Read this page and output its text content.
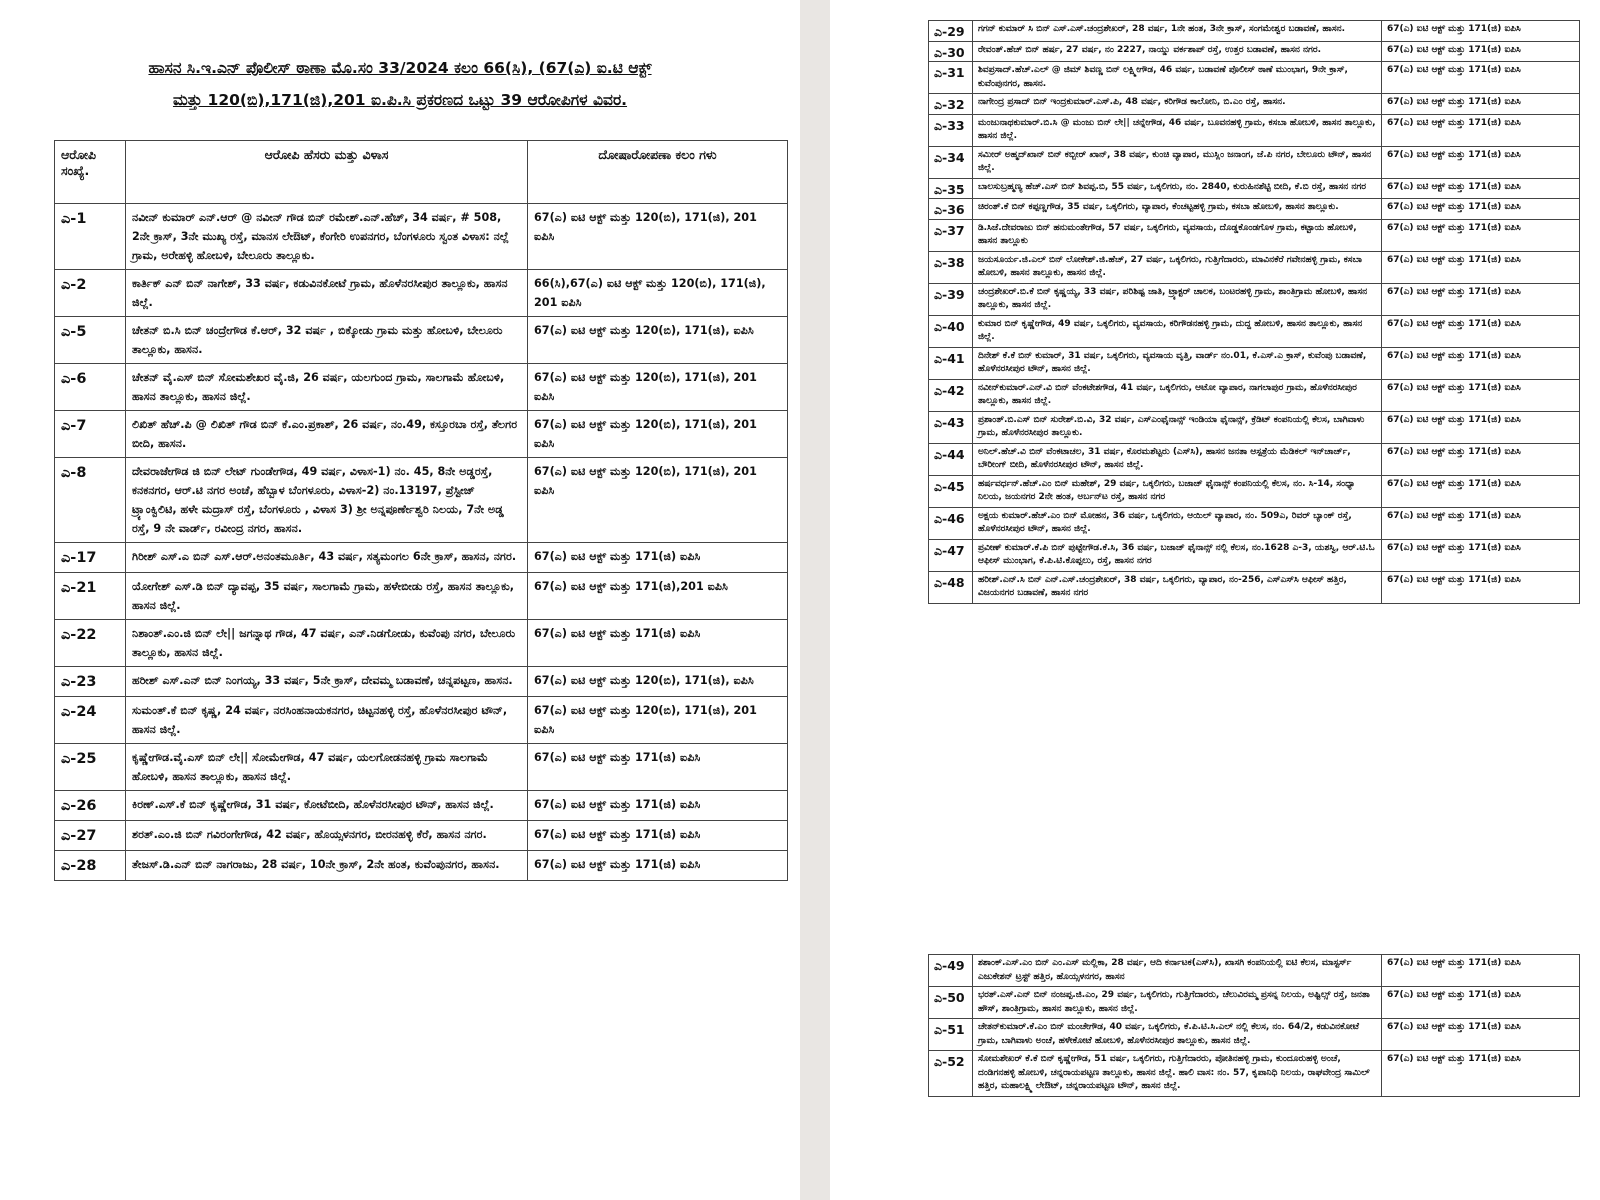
ಹಾಸನ ಸಿ.ಇ.ಎನ್ ಪೊಲೀಸ್ ಠಾಣಾ ಮೊ.ಸಂ 33/2024 ಕಲಂ 66(ಸಿ), (67(ಎ) ಐ.ಟಿ ಆಕ್ಟ್
ಮತ್ತು 120(ಬಿ),171(ಜಿ),201 ಐ.ಪಿ.ಸಿ ಪ್ರಕರಣದ ಒಟ್ಟು 39 ಆರೋಪಿಗಳ ವಿವರ.
ಆರೋಪಿ ಸಂಖ್ಯೆ.	ಆರೋಪಿ ಹೆಸರು ಮತ್ತು ವಿಳಾಸ	ದೋಷಾರೋಪಣಾ ಕಲಂ ಗಳು
ಎ-1	ನವೀನ್ ಕುಮಾರ್ ಎನ್.ಆರ್ @ ನವೀನ್ ಗೌಡ ಬಿನ್ ರಮೇಶ್.ಎನ್.ಹೆಚ್, 34 ವರ್ಷ, # 508, 2ನೇ ಕ್ರಾಸ್, 3ನೇ ಮುಖ್ಯ ರಸ್ತೆ, ಮಾನಸ ಲೇಔಟ್, ಕೆಂಗೇರಿ ಉಪನಗರ, ಬೆಂಗಳೂರು ಸ್ವಂತ ವಿಳಾಸ: ನಲ್ಲೆ ಗ್ರಾಮ, ಅರೇಹಳ್ಳಿ ಹೋಬಳಿ, ಬೇಲೂರು ತಾಲ್ಲೂಕು.	67(ಎ) ಐಟಿ ಆಕ್ಟ್ ಮತ್ತು 120(ಬಿ), 171(ಜಿ), 201 ಐಪಿಸಿ
ಎ-2	ಕಾರ್ತಿಕ್ ಎನ್ ಬಿನ್ ನಾಗೇಶ್, 33 ವರ್ಷ, ಕಡುವಿನಕೋಟೆ ಗ್ರಾಮ, ಹೊಳೆನರಸೀಪುರ ತಾಲ್ಲೂಕು, ಹಾಸನ ಜಿಲ್ಲೆ.	66(ಸಿ),67(ಎ) ಐಟಿ ಆಕ್ಟ್ ಮತ್ತು 120(ಬಿ), 171(ಜಿ), 201 ಐಪಿಸಿ
ಎ-5	ಚೇತನ್ ಬಿ.ಸಿ ಬಿನ್ ಚಂದ್ರೇಗೌಡ ಕೆ.ಆರ್, 32 ವರ್ಷ , ಬಿಕ್ಕೋಡು ಗ್ರಾಮ ಮತ್ತು ಹೋಬಳಿ, ಬೇಲೂರು ತಾಲ್ಲೂಕು, ಹಾಸನ.	67(ಎ) ಐಟಿ ಆಕ್ಟ್ ಮತ್ತು 120(ಬಿ), 171(ಜಿ), ಐಪಿಸಿ
ಎ-6	ಚೇತನ್ ವೈ.ಎಸ್ ಬಿನ್ ಸೋಮಶೇಖರ ವೈ.ಜಿ, 26 ವರ್ಷ, ಯಲಗುಂದ ಗ್ರಾಮ, ಸಾಲಗಾಮೆ ಹೋಬಳಿ, ಹಾಸನ ತಾಲ್ಲೂಕು, ಹಾಸನ ಜಿಲ್ಲೆ.	67(ಎ) ಐಟಿ ಆಕ್ಟ್ ಮತ್ತು 120(ಬಿ), 171(ಜಿ), 201 ಐಪಿಸಿ
ಎ-7	ಲಿಖಿತ್ ಹೆಚ್.ಪಿ @ ಲಿಖಿತ್ ಗೌಡ ಬಿನ್ ಕೆ.ಎಂ.ಪ್ರಕಾಶ್, 26 ವರ್ಷ, ನಂ.49, ಕಸ್ತೂರಬಾ ರಸ್ತೆ, ತೆಲಗರ ಬೀದಿ, ಹಾಸನ.	67(ಎ) ಐಟಿ ಆಕ್ಟ್ ಮತ್ತು 120(ಬಿ), 171(ಜಿ), 201 ಐಪಿಸಿ
ಎ-8	ದೇವರಾಜೇಗೌಡ ಜಿ ಬಿನ್ ಲೇಟ್ ಗುಂಡೇಗೌಡ, 49 ವರ್ಷ, ವಿಳಾಸ-1) ನಂ. 45, 8ನೇ ಅಡ್ಡರಸ್ತೆ, ಕನಕನಗರ, ಆರ್.ಟಿ ನಗರ ಅಂಚೆ, ಹೆಬ್ಬಾಳ ಬೆಂಗಳೂರು, ವಿಳಾಸ-2) ನಂ.13197, ಪ್ರೆಸ್ಟೀಜ್ ಟ್ರ್ಯಾಂಕ್ವಿಲಿಟಿ, ಹಳೇ ಮದ್ರಾಸ್ ರಸ್ತೆ, ಬೆಂಗಳೂರು , ವಿಳಾಸ 3) ಶ್ರೀ ಅನ್ನಪೂರ್ಣೇಶ್ವರಿ ನಿಲಯ, 7ನೇ ಅಡ್ಡ ರಸ್ತೆ, 9 ನೇ ವಾರ್ಡ್, ರವೀಂದ್ರ ನಗರ, ಹಾಸನ.	67(ಎ) ಐಟಿ ಆಕ್ಟ್ ಮತ್ತು 120(ಬಿ), 171(ಜಿ), 201 ಐಪಿಸಿ
ಎ-17	ಗಿರೀಶ್ ಎಸ್.ಎ ಬಿನ್ ಎಸ್.ಆರ್.ಅನಂತಮೂರ್ತಿ, 43 ವರ್ಷ, ಸತ್ಯಮಂಗಲ 6ನೇ ಕ್ರಾಸ್, ಹಾಸನ, ನಗರ.	67(ಎ) ಐಟಿ ಆಕ್ಟ್ ಮತ್ತು 171(ಜಿ) ಐಪಿಸಿ
ಎ-21	ಯೋಗೇಶ್ ಎಸ್.ಡಿ ಬಿನ್ ದ್ಯಾವಪ್ಪ, 35 ವರ್ಷ, ಸಾಲಗಾಮೆ ಗ್ರಾಮ, ಹಳೇಬೀಡು ರಸ್ತೆ, ಹಾಸನ ತಾಲ್ಲೂಕು, ಹಾಸನ ಜಿಲ್ಲೆ.	67(ಎ) ಐಟಿ ಆಕ್ಟ್ ಮತ್ತು 171(ಜಿ),201 ಐಪಿಸಿ
ಎ-22	ನಿಶಾಂತ್.ಎಂ.ಜಿ ಬಿನ್ ಲೇ|| ಜಗನ್ನಾಥ ಗೌಡ, 47 ವರ್ಷ, ಎನ್.ನಿಡಗೋಡು, ಕುವೆಂಪು ನಗರ, ಬೇಲೂರು ತಾಲ್ಲೂಕು, ಹಾಸನ ಜಿಲ್ಲೆ.	67(ಎ) ಐಟಿ ಆಕ್ಟ್ ಮತ್ತು 171(ಜಿ) ಐಪಿಸಿ
ಎ-23	ಹರೀಶ್ ಎಸ್.ಎನ್ ಬಿನ್ ನಿಂಗಯ್ಯ, 33 ವರ್ಷ, 5ನೇ ಕ್ರಾಸ್, ದೇವಮ್ಮ ಬಡಾವಣೆ, ಚನ್ನಪಟ್ಟಣ, ಹಾಸನ.	67(ಎ) ಐಟಿ ಆಕ್ಟ್ ಮತ್ತು 120(ಬಿ), 171(ಜಿ), ಐಪಿಸಿ
ಎ-24	ಸುಮಂತ್.ಕೆ ಬಿನ್ ಕೃಷ್ಣ, 24 ವರ್ಷ, ನರಸಿಂಹನಾಯಕನಗರ, ಚಿಟ್ಟನಹಳ್ಳಿ ರಸ್ತೆ, ಹೊಳೆನರಸೀಪುರ ಟೌನ್, ಹಾಸನ ಜಿಲ್ಲೆ.	67(ಎ) ಐಟಿ ಆಕ್ಟ್ ಮತ್ತು 120(ಬಿ), 171(ಜಿ), 201 ಐಪಿಸಿ
ಎ-25	ಕೃಷ್ಣೇಗೌಡ.ವೈ.ಎಸ್ ಬಿನ್ ಲೇ|| ಸೋಮೇಗೌಡ, 47 ವರ್ಷ, ಯಲಗೋಡನಹಳ್ಳಿ ಗ್ರಾಮ ಸಾಲಗಾಮೆ ಹೋಬಳಿ, ಹಾಸನ ತಾಲ್ಲೂಕು, ಹಾಸನ ಜಿಲ್ಲೆ.	67(ಎ) ಐಟಿ ಆಕ್ಟ್ ಮತ್ತು 171(ಜಿ) ಐಪಿಸಿ
ಎ-26	ಕಿರಣ್.ಎಸ್.ಕೆ ಬಿನ್ ಕೃಷ್ಣೇಗೌಡ, 31 ವರ್ಷ, ಕೋಟೆಬೀದಿ, ಹೊಳೆನರಸೀಪುರ ಟೌನ್, ಹಾಸನ ಜಿಲ್ಲೆ.	67(ಎ) ಐಟಿ ಆಕ್ಟ್ ಮತ್ತು 171(ಜಿ) ಐಪಿಸಿ
ಎ-27	ಶರತ್.ಎಂ.ಜಿ ಬಿನ್ ಗವಿರಂಗೇಗೌಡ, 42 ವರ್ಷ, ಹೊಯ್ಸಳನಗರ, ಬೀರನಹಳ್ಳಿ ಕೆರೆ, ಹಾಸನ ನಗರ.	67(ಎ) ಐಟಿ ಆಕ್ಟ್ ಮತ್ತು 171(ಜಿ) ಐಪಿಸಿ
ಎ-28	ತೇಜಸ್.ಡಿ.ಎನ್ ಬಿನ್ ನಾಗರಾಜು, 28 ವರ್ಷ, 10ನೇ ಕ್ರಾಸ್, 2ನೇ ಹಂತ, ಕುವೆಂಪುನಗರ, ಹಾಸನ.	67(ಎ) ಐಟಿ ಆಕ್ಟ್ ಮತ್ತು 171(ಜಿ) ಐಪಿಸಿ
ಎ-29	ಗಗನ್ ಕುಮಾರ್ ಸಿ ಬಿನ್ ಎಸ್.ಎಸ್.ಚಂದ್ರಶೇಖರ್, 28 ವರ್ಷ, 1ನೇ ಹಂತ, 3ನೇ ಕ್ರಾಸ್, ಸಂಗಮೇಶ್ವರ ಬಡಾವಣೆ, ಹಾಸನ.	67(ಎ) ಐಟಿ ಆಕ್ಟ್ ಮತ್ತು 171(ಜಿ) ಐಪಿಸಿ
ಎ-30	ರೇವಂತ್.ಹೆಚ್ ಬಿನ್ ಹರ್ಷ, 27 ವರ್ಷ, ನಂ 2227, ನಾಯ್ಡು ವರ್ಕಶಾಪ್ ರಸ್ತೆ, ಉತ್ತರ ಬಡಾವಣೆ, ಹಾಸನ ನಗರ.	67(ಎ) ಐಟಿ ಆಕ್ಟ್ ಮತ್ತು 171(ಜಿ) ಐಪಿಸಿ
ಎ-31	ಶಿವಪ್ರಸಾದ್.ಹೆಚ್.ಎಲ್ @ ಜಿಮ್ ಶಿವಣ್ಣ ಬಿನ್ ಲಕ್ಷ್ಮೀಗೌಡ, 46 ವರ್ಷ, ಬಡಾವಣೆ ಪೊಲೀಸ್ ಠಾಣೆ ಮುಂಭಾಗ, 9ನೇ ಕ್ರಾಸ್, ಕುವೆಂಪುನಗರ, ಹಾಸನ.	67(ಎ) ಐಟಿ ಆಕ್ಟ್ ಮತ್ತು 171(ಜಿ) ಐಪಿಸಿ
ಎ-32	ನಾಗೇಂದ್ರ ಪ್ರಸಾದ್ ಬಿನ್ ಇಂದ್ರಕುಮಾರ್.ಎಸ್.ಪಿ, 48 ವರ್ಷ, ಕರಿಗೌಡ ಕಾಲೋನಿ, ಬಿ.ಎಂ ರಸ್ತೆ, ಹಾಸನ.	67(ಎ) ಐಟಿ ಆಕ್ಟ್ ಮತ್ತು 171(ಜಿ) ಐಪಿಸಿ
ಎ-33	ಮಂಜುನಾಥಕುಮಾರ್.ಬಿ.ಸಿ @ ಮಂಜು ಬಿನ್ ಲೇ|| ಚನ್ನೇಗೌಡ, 46 ವರ್ಷ, ಬೂವನಹಳ್ಳಿ ಗ್ರಾಮ, ಕಸಬಾ ಹೋಬಳಿ, ಹಾಸನ ತಾಲ್ಲೂಕು, ಹಾಸನ ಜಿಲ್ಲೆ.	67(ಎ) ಐಟಿ ಆಕ್ಟ್ ಮತ್ತು 171(ಜಿ) ಐಪಿಸಿ
ಎ-34	ಸಮೀರ್ ಅಹ್ಮದ್‌ಖಾನ್ ಬಿನ್ ಕಬ್ಬೀರ್ ಖಾನ್, 38 ವರ್ಷ, ಕುಂಚಿ ವ್ಯಾಪಾರ, ಮುಸ್ಲಿಂ ಜನಾಂಗ, ಜೆ.ಪಿ ನಗರ, ಬೇಲೂರು ಟೌನ್, ಹಾಸನ ಜಿಲ್ಲೆ.	67(ಎ) ಐಟಿ ಆಕ್ಟ್ ಮತ್ತು 171(ಜಿ) ಐಪಿಸಿ
ಎ-35	ಬಾಲಸುಬ್ರಹ್ಮಣ್ಯ ಹೆಚ್.ಎಸ್ ಬಿನ್ ಶಿವಪ್ಪ.ಬಿ, 55 ವರ್ಷ, ಒಕ್ಕಲಿಗರು, ನಂ. 2840, ಕುರುಹಿನಶೆಟ್ಟಿ ಬೀದಿ, ಕೆ.ಬಿ ರಸ್ತೆ, ಹಾಸನ ನಗರ	67(ಎ) ಐಟಿ ಆಕ್ಟ್ ಮತ್ತು 171(ಜಿ) ಐಪಿಸಿ
ಎ-36	ಚಿರಂತ್.ಕೆ ಬಿನ್ ಕಪ್ಪಣ್ಣಗೌಡ, 35 ವರ್ಷ, ಒಕ್ಕಲಿಗರು, ವ್ಯಾಪಾರ, ಕೆಂಚಟ್ಟಹಳ್ಳಿ ಗ್ರಾಮ, ಕಸಬಾ ಹೋಬಳಿ, ಹಾಸನ ತಾಲ್ಲೂಕು.	67(ಎ) ಐಟಿ ಆಕ್ಟ್ ಮತ್ತು 171(ಜಿ) ಐಪಿಸಿ
ಎ-37	ಡಿ.ಸಿಜೆ.ದೇವರಾಜು ಬಿನ್ ಹನುಮಂತೇಗೌಡ, 57 ವರ್ಷ, ಒಕ್ಕಲಿಗರು, ವ್ಯವಸಾಯ, ದೊಡ್ಡಕೊಂಡಗೊಳ ಗ್ರಾಮ, ಕಟ್ಟಾಯ ಹೋಬಳಿ, ಹಾಸನ ತಾಲ್ಲೂಕು	67(ಎ) ಐಟಿ ಆಕ್ಟ್ ಮತ್ತು 171(ಜಿ) ಐಪಿಸಿ
ಎ-38	ಜಯಸೂರ್ಯ.ಜಿ.ಎಲ್ ಬಿನ್ ಲೋಕೇಶ್.ಜಿ.ಹೆಚ್, 27 ವರ್ಷ, ಒಕ್ಕಲಿಗರು, ಗುತ್ತಿಗೆದಾರರು, ಮಾವಿನಕೆರೆ ಗವೇನಹಳ್ಳಿ ಗ್ರಾಮ, ಕಸಬಾ ಹೋಬಳಿ, ಹಾಸನ ತಾಲ್ಲೂಕು, ಹಾಸನ ಜಿಲ್ಲೆ.	67(ಎ) ಐಟಿ ಆಕ್ಟ್ ಮತ್ತು 171(ಜಿ) ಐಪಿಸಿ
ಎ-39	ಚಂದ್ರಶೇಖರ್.ಬಿ.ಕೆ ಬಿನ್ ಕೃಷ್ಣಯ್ಯ, 33 ವರ್ಷ, ಪರಿಶಿಷ್ಟ ಜಾತಿ, ಟ್ರ್ಯಾಕ್ಟರ್ ಚಾಲಕ, ಬಂಟರಹಳ್ಳಿ ಗ್ರಾಮ, ಶಾಂತಿಗ್ರಾಮ ಹೋಬಳಿ, ಹಾಸನ ತಾಲ್ಲೂಕು, ಹಾಸನ ಜಿಲ್ಲೆ.	67(ಎ) ಐಟಿ ಆಕ್ಟ್ ಮತ್ತು 171(ಜಿ) ಐಪಿಸಿ
ಎ-40	ಕುಮಾರ ಬಿನ್ ಕೃಷ್ಣೇಗೌಡ, 49 ವರ್ಷ, ಒಕ್ಕಲಿಗರು, ವ್ಯವಸಾಯ, ಕರಿಗೌಡನಹಳ್ಳಿ ಗ್ರಾಮ, ದುದ್ದ ಹೋಬಳಿ, ಹಾಸನ ತಾಲ್ಲೂಕು, ಹಾಸನ ಜಿಲ್ಲೆ.	67(ಎ) ಐಟಿ ಆಕ್ಟ್ ಮತ್ತು 171(ಜಿ) ಐಪಿಸಿ
ಎ-41	ದಿನೇಶ್ ಕೆ.ಕೆ ಬಿನ್ ಕುಮಾರ್, 31 ವರ್ಷ, ಒಕ್ಕಲಿಗರು, ವ್ಯವಸಾಯ ವೃತ್ತಿ, ವಾರ್ಡ್ ನಂ.01, ಕೆ.ಎಸ್.ಎ ಕ್ರಾಸ್, ಕುವೆಂಪು ಬಡಾವಣೆ, ಹೊಳೆನರಸೀಪುರ ಟೌನ್, ಹಾಸನ ಜಿಲ್ಲೆ.	67(ಎ) ಐಟಿ ಆಕ್ಟ್ ಮತ್ತು 171(ಜಿ) ಐಪಿಸಿ
ಎ-42	ನವೀನ್‌ಕುಮಾರ್.ಎನ್.ವಿ ಬಿನ್ ವೆಂಕಟೇಶಗೌಡ, 41 ವರ್ಷ, ಒಕ್ಕಲಿಗರು, ಆಟೋ ವ್ಯಾಪಾರ, ನಾಗಲಾಪುರ ಗ್ರಾಮ, ಹೊಳೆನರಸೀಪುರ ತಾಲ್ಲೂಕು, ಹಾಸನ ಜಿಲ್ಲೆ.	67(ಎ) ಐಟಿ ಆಕ್ಟ್ ಮತ್ತು 171(ಜಿ) ಐಪಿಸಿ
ಎ-43	ಪ್ರಶಾಂತ್.ಬಿ.ಎಸ್ ಬಿನ್ ಸುರೇಶ್.ಬಿ.ವಿ, 32 ವರ್ಷ, ಎಸ್‌ಎಂಫೈನಾನ್ಸ್ ಇಂಡಿಯಾ ಫೈನಾನ್ಸ್, ಕ್ರೆಡಿಟ್ ಕಂಪನಿಯಲ್ಲಿ ಕೆಲಸ, ಬಾಗಿವಾಳು ಗ್ರಾಮ, ಹೊಳೆನರಸೀಪುರ ತಾಲ್ಲೂಕು.	67(ಎ) ಐಟಿ ಆಕ್ಟ್ ಮತ್ತು 171(ಜಿ) ಐಪಿಸಿ
ಎ-44	ಅನಿಲ್.ಹೆಚ್.ವಿ ಬಿನ್ ವೆಂಕಟಾಚಲ, 31 ವರ್ಷ, ಕೊರಮಶೆಟ್ಟರು (ಎಸ್‌ಸಿ), ಹಾಸನ ಜನತಾ ಆಸ್ಪತ್ರೆಯ ಮೆಡಿಕಲ್ ಇನ್‌ಚಾರ್ಜ್, ಬೌರೀಂಗ್ ಬೀದಿ, ಹೊಳೆನರಸೀಪುರ ಟೌನ್, ಹಾಸನ ಜಿಲ್ಲೆ.	67(ಎ) ಐಟಿ ಆಕ್ಟ್ ಮತ್ತು 171(ಜಿ) ಐಪಿಸಿ
ಎ-45	ಹರ್ಷವರ್ಧನ್.ಹೆಚ್.ಎಂ ಬಿನ್ ಮಹೇಶ್, 29 ವರ್ಷ, ಒಕ್ಕಲಿಗರು, ಬಜಾಜ್ ಫೈನಾನ್ಸ್ ಕಂಪನಿಯಲ್ಲಿ ಕೆಲಸ, ನಂ. ಸಿ-14, ಸಂಧ್ಯಾ ನಿಲಯ, ಜಯನಗರ 2ನೇ ಹಂತ, ಅರ್ಬನ್‌ಟ ರಸ್ತೆ, ಹಾಸನ ನಗರ	67(ಎ) ಐಟಿ ಆಕ್ಟ್ ಮತ್ತು 171(ಜಿ) ಐಪಿಸಿ
ಎ-46	ಅಕ್ಷಯ ಕುಮಾರ್.ಹೆಚ್.ಎಂ ಬಿನ್ ಮೋಹನ, 36 ವರ್ಷ, ಒಕ್ಕಲಿಗರು, ಆಯಿಲ್ ವ್ಯಾಪಾರ, ನಂ. 509ಎ, ರಿವರ್ ಬ್ಯಾಂಕ್ ರಸ್ತೆ, ಹೊಳೆನರಸೀಪುರ ಟೌನ್, ಹಾಸನ ಜಿಲ್ಲೆ.	67(ಎ) ಐಟಿ ಆಕ್ಟ್ ಮತ್ತು 171(ಜಿ) ಐಪಿಸಿ
ಎ-47	ಪ್ರವೀಣ್ ಕುಮಾರ್.ಕೆ.ಪಿ ಬಿನ್ ಪುಟ್ಟೇಗೌಡ.ಕೆ.ಸಿ, 36 ವರ್ಷ, ಬಜಾಜ್ ಫೈನಾನ್ಸ್ ನಲ್ಲಿ ಕೆಲಸ, ನಂ.1628 ಎ-3, ಯಶಸ್ವಿ, ಆರ್.ಟಿ.ಓ ಆಫೀಸ್ ಮುಂಭಾಗ, ಕೆ.ಪಿ.ಟಿ.ಕೊಪ್ಪಲು, ರಸ್ತೆ, ಹಾಸನ ನಗರ	67(ಎ) ಐಟಿ ಆಕ್ಟ್ ಮತ್ತು 171(ಜಿ) ಐಪಿಸಿ
ಎ-48	ಹರೀಶ್.ಎನ್.ಸಿ ಬಿನ್ ಎನ್.ಎಸ್.ಚಂದ್ರಶೇಖರ್, 38 ವರ್ಷ, ಒಕ್ಕಲಿಗರು, ವ್ಯಾಪಾರ, ನಂ-256, ಎಸ್‌ಎಸ್‌ಸಿ ಆಫೀಸ್ ಹತ್ತಿರ, ವಿಜಯನಗರ ಬಡಾವಣೆ, ಹಾಸನ ನಗರ	67(ಎ) ಐಟಿ ಆಕ್ಟ್ ಮತ್ತು 171(ಜಿ) ಐಪಿಸಿ
ಎ-49	ಶಶಾಂಕ್.ಎಸ್.ಎಂ ಬಿನ್ ಎಂ.ಎಸ್ ಮಲ್ಲಿಕಾ, 28 ವರ್ಷ, ಆದಿ ಕರ್ನಾಟಕ(ಎಸ್‌ಸಿ), ಖಾಸಗಿ ಕಂಪನಿಯಲ್ಲಿ ಐಟಿ ಕೆಲಸ, ಮಾಸ್ಟರ್ಸ್ ಎಜುಕೇಶನ್ ಟ್ರಸ್ಟ್ ಹತ್ತಿರ, ಹೊಯ್ಸಳನಗರ, ಹಾಸನ	67(ಎ) ಐಟಿ ಆಕ್ಟ್ ಮತ್ತು 171(ಜಿ) ಐಪಿಸಿ
ಎ-50	ಭರತ್.ಎಸ್.ಎನ್ ಬಿನ್ ನಂಜಪ್ಪ.ಜಿ.ಎಂ, 29 ವರ್ಷ, ಒಕ್ಕಲಿಗರು, ಗುತ್ತಿಗೆದಾರರು, ಚೆಲುವಿರಮ್ಮ ಪ್ರಸನ್ನ ನಿಲಯ, ಅಷ್ಟಿಲ್ಸ್ ರಸ್ತೆ, ಜನತಾ ಹೌಸ್, ಶಾಂತಿಗ್ರಾಮ, ಹಾಸನ ತಾಲ್ಲೂಕು, ಹಾಸನ ಜಿಲ್ಲೆ.	67(ಎ) ಐಟಿ ಆಕ್ಟ್ ಮತ್ತು 171(ಜಿ) ಐಪಿಸಿ
ಎ-51	ಚೇತನ್‌ಕುಮಾರ್.ಕೆ.ಎಂ ಬಿನ್ ಮಂಚೇಗೌಡ, 40 ವರ್ಷ, ಒಕ್ಕಲಿಗರು, ಕೆ.ಪಿ.ಟಿ.ಸಿ.ಎಲ್ ನಲ್ಲಿ ಕೆಲಸ, ನಂ. 64/2, ಕಡುವಿನಕೋಟೆ ಗ್ರಾಮ, ಬಾಗಿವಾಳು ಅಂಚೆ, ಹಳೇಕೋಟೆ ಹೋಬಳಿ, ಹೊಳೆನರಸೀಪುರ ತಾಲ್ಲೂಕು, ಹಾಸನ ಜಿಲ್ಲೆ.	67(ಎ) ಐಟಿ ಆಕ್ಟ್ ಮತ್ತು 171(ಜಿ) ಐಪಿಸಿ
ಎ-52	ಸೋಮಶೇಖರ್ ಕೆ.ಕೆ ಬಿನ್ ಕೃಷ್ಣೇಗೌಡ, 51 ವರ್ಷ, ಒಕ್ಕಲಿಗರು, ಗುತ್ತಿಗೆದಾರರು, ಪೋತಿನಹಳ್ಳಿ ಗ್ರಾಮ, ಕುಂದೂರುಹಳ್ಳಿ ಅಂಚೆ, ದಂಡಿಗನಹಳ್ಳಿ ಹೋಬಳಿ, ಚನ್ನರಾಯಪಟ್ಟಣ ತಾಲ್ಲೂಕು, ಹಾಸನ ಜಿಲ್ಲೆ. ಹಾಲಿ ವಾಸ: ನಂ. 57, ಕೃಪಾನಿಧಿ ನಿಲಯ, ರಾಘವೇಂದ್ರ ಸಾಮಿಲ್ ಹತ್ತಿರ, ಮಹಾಲಕ್ಷ್ಮಿ ಲೇಔಟ್, ಚನ್ನರಾಯಪಟ್ಟಣ ಟೌನ್, ಹಾಸನ ಜಿಲ್ಲೆ.	67(ಎ) ಐಟಿ ಆಕ್ಟ್ ಮತ್ತು 171(ಜಿ) ಐಪಿಸಿ
